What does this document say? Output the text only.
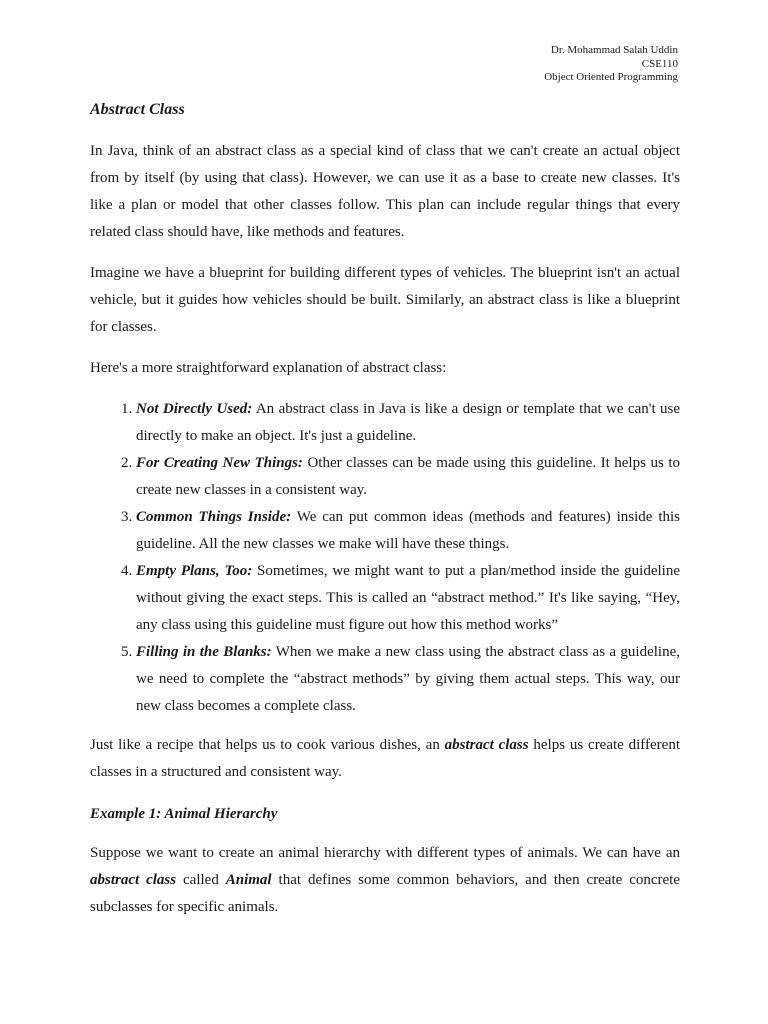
Dr. Mohammad Salah Uddin
CSE110
Object Oriented Programming
Abstract Class

In Java, think of an abstract class as a special kind of class that we can't create an actual object from by itself (by using that class). However, we can use it as a base to create new classes. It's like a plan or model that other classes follow. This plan can include regular things that every related class should have, like methods and features.

Imagine we have a blueprint for building different types of vehicles. The blueprint isn't an actual vehicle, but it guides how vehicles should be built. Similarly, an abstract class is like a blueprint for classes.

Here's a more straightforward explanation of abstract class:

1. Not Directly Used: An abstract class in Java is like a design or template that we can't use directly to make an object. It's just a guideline.
2. For Creating New Things: Other classes can be made using this guideline. It helps us to create new classes in a consistent way.
3. Common Things Inside: We can put common ideas (methods and features) inside this guideline. All the new classes we make will have these things.
4. Empty Plans, Too: Sometimes, we might want to put a plan/method inside the guideline without giving the exact steps. This is called an “abstract method.” It's like saying, “Hey, any class using this guideline must figure out how this method works”
5. Filling in the Blanks: When we make a new class using the abstract class as a guideline, we need to complete the “abstract methods” by giving them actual steps. This way, our new class becomes a complete class.

Just like a recipe that helps us to cook various dishes, an abstract class helps us create different classes in a structured and consistent way.

Example 1: Animal Hierarchy

Suppose we want to create an animal hierarchy with different types of animals. We can have an abstract class called Animal that defines some common behaviors, and then create concrete subclasses for specific animals.
